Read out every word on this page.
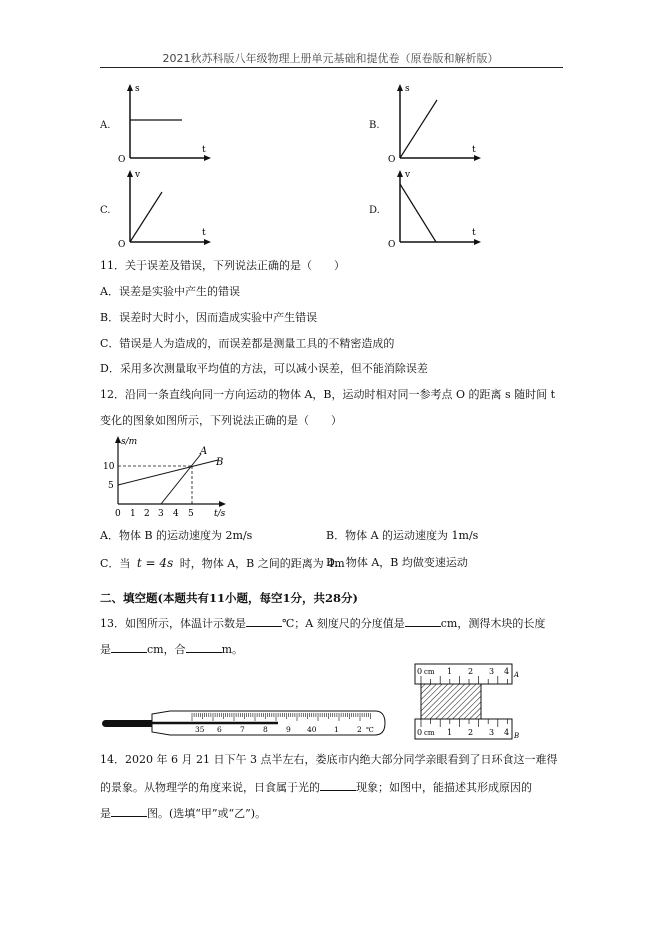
2021秋苏科版八年级物理上册单元基础和提优卷（原卷版和解析版）
A.
s
t
O
B.
s
t
O
C.
v
t
O
D.
v
t
O
11．关于误差及错误，下列说法正确的是（　　）
A．误差是实验中产生的错误
B．误差时大时小，因而造成实验中产生错误
C．错误是人为造成的，而误差都是测量工具的不精密造成的
D．采用多次测量取平均值的方法，可以减小误差，但不能消除误差
12．沿同一条直线向同一方向运动的物体 A，B，运动时相对同一参考点 O 的距离 s 随时间 t
变化的图象如图所示，下列说法正确的是（　　）
s/m
t/s
A
B
10
5
0 1 2 3 4 5
A．物体 B 的运动速度为 2m/s	B．物体 A 的运动速度为 1m/s
C．当 t = 4s 时，物体 A，B 之间的距离为 4m
D．物体 A，B 均做变速运动
二、填空题(本题共有11小题，每空1分，共28分)
13．如图所示，体温计示数是	℃；A 刻度尺的分度值是	cm，测得木块的长度
是	cm，合	m。
35 6 7 8 9 40 1 2 ℃
0 cm 1 2 3 4 A
0 cm 1 2 3 4 B
14．2020 年 6 月 21 日下午 3 点半左右，娄底市内绝大部分同学亲眼看到了日环食这一难得
的景象。从物理学的角度来说，日食属于光的	现象；如图中，能描述其形成原因的
是	图。(选填“甲”或“乙”)。
